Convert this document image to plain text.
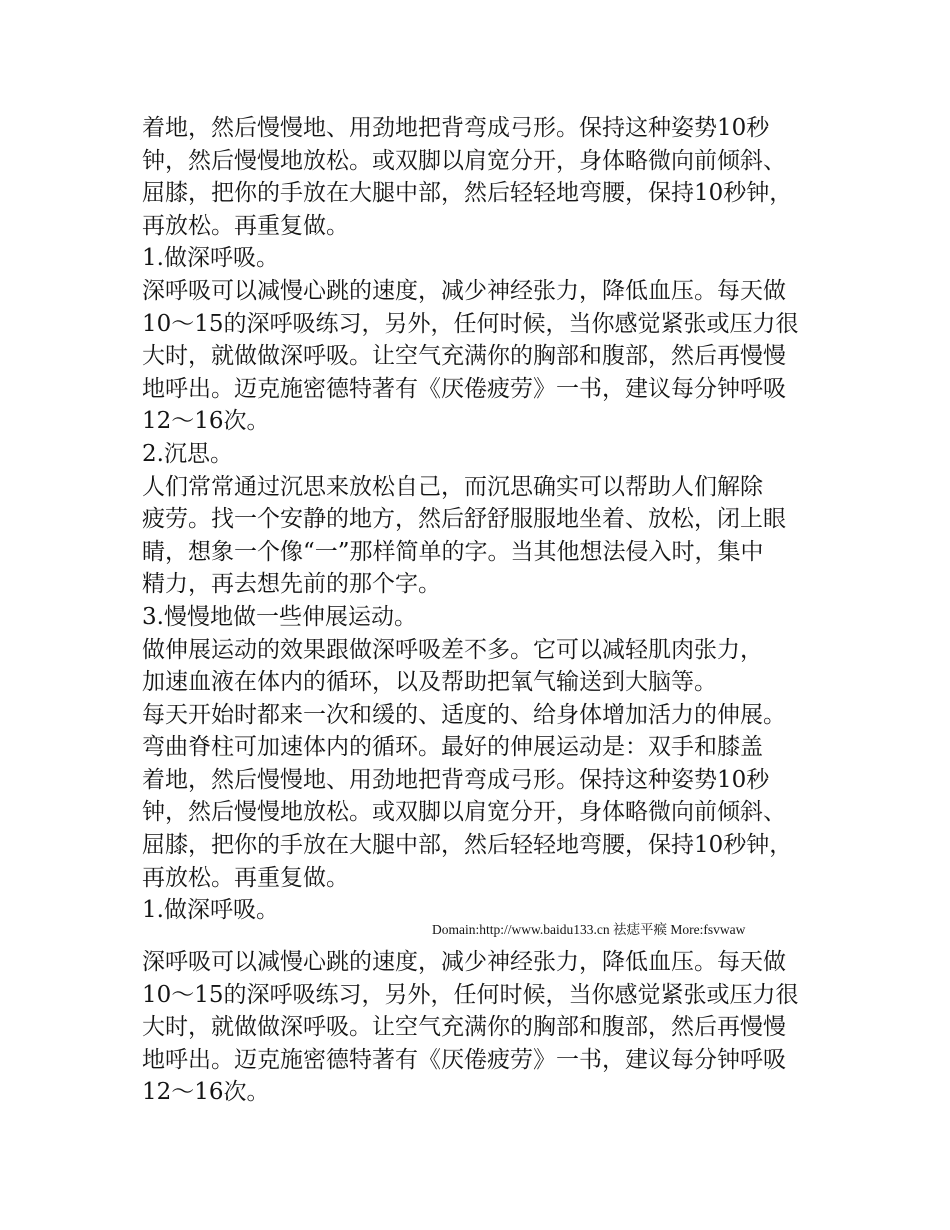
着地，然后慢慢地、用劲地把背弯成弓形。保持这种姿势10秒
钟，然后慢慢地放松。或双脚以肩宽分开，身体略微向前倾斜、
屈膝，把你的手放在大腿中部，然后轻轻地弯腰，保持10秒钟，
再放松。再重复做。
1.做深呼吸。
深呼吸可以减慢心跳的速度，减少神经张力，降低血压。每天做
10～15的深呼吸练习，另外，任何时候，当你感觉紧张或压力很
大时，就做做深呼吸。让空气充满你的胸部和腹部，然后再慢慢
地呼出。迈克施密德特著有《厌倦疲劳》一书，建议每分钟呼吸
12～16次。
2.沉思。
人们常常通过沉思来放松自己，而沉思确实可以帮助人们解除
疲劳。找一个安静的地方，然后舒舒服服地坐着、放松，闭上眼
睛，想象一个像“一”那样简单的字。当其他想法侵入时，集中
精力，再去想先前的那个字。
3.慢慢地做一些伸展运动。
做伸展运动的效果跟做深呼吸差不多。它可以减轻肌肉张力，
加速血液在体内的循环，以及帮助把氧气输送到大脑等。
每天开始时都来一次和缓的、适度的、给身体增加活力的伸展。
弯曲脊柱可加速体内的循环。最好的伸展运动是：双手和膝盖
着地，然后慢慢地、用劲地把背弯成弓形。保持这种姿势10秒
钟，然后慢慢地放松。或双脚以肩宽分开，身体略微向前倾斜、
屈膝，把你的手放在大腿中部，然后轻轻地弯腰，保持10秒钟，
再放松。再重复做。
1.做深呼吸。
Domain:http://www.baidu133.cn 祛痣平瘊 More:fsvwaw
深呼吸可以减慢心跳的速度，减少神经张力，降低血压。每天做
10～15的深呼吸练习，另外，任何时候，当你感觉紧张或压力很
大时，就做做深呼吸。让空气充满你的胸部和腹部，然后再慢慢
地呼出。迈克施密德特著有《厌倦疲劳》一书，建议每分钟呼吸
12～16次。
